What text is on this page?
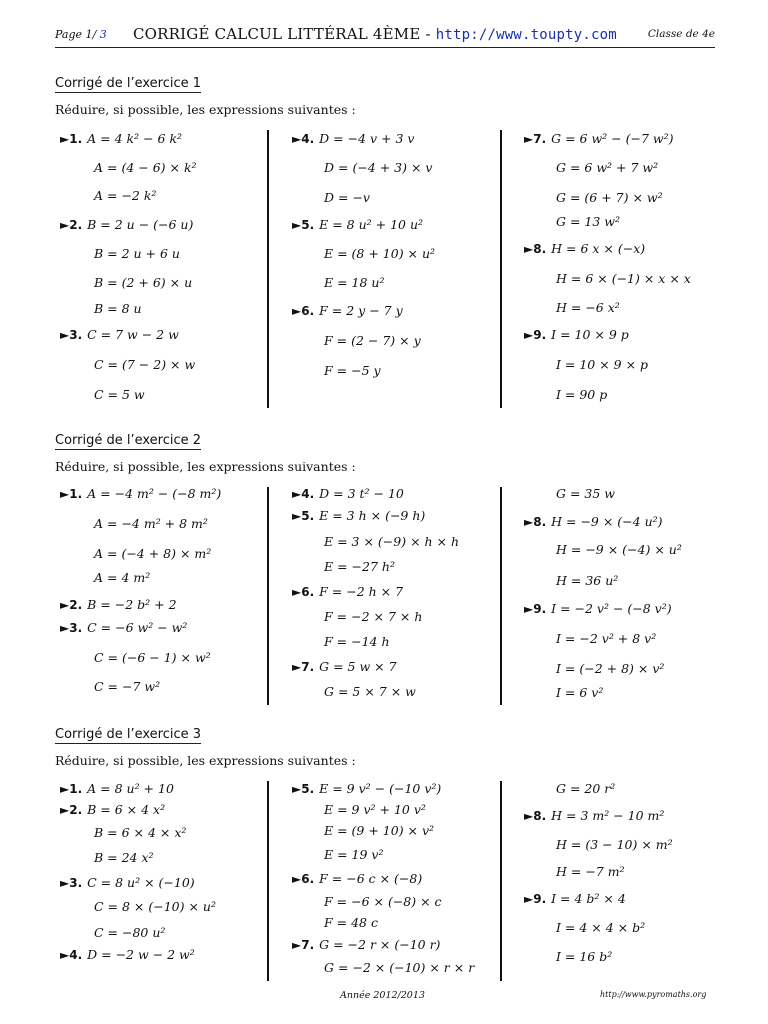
Page 1/ 3 CORRIGÉ CALCUL LITTÉRAL 4ÈME - http://www.toupty.com	Classe de 4e
Corrigé de l’exercice 1
Réduire, si possible, les expressions suivantes :
►1. A = 4 k² − 6 k²
A = (4 − 6) × k²
A = −2 k²
►2. B = 2 u − (−6 u)
B = 2 u + 6 u
B = (2 + 6) × u
B = 8 u
►3. C = 7 w − 2 w
C = (7 − 2) × w
C = 5 w
►4. D = −4 v + 3 v
D = (−4 + 3) × v
D = −v
►5. E = 8 u² + 10 u²
E = (8 + 10) × u²
E = 18 u²
►6. F = 2 y − 7 y
F = (2 − 7) × y
F = −5 y
►7. G = 6 w² − (−7 w²)
G = 6 w² + 7 w²
G = (6 + 7) × w²
G = 13 w²
►8. H = 6 x × (−x)
H = 6 × (−1) × x × x
H = −6 x²
►9. I = 10 × 9 p
I = 10 × 9 × p
I = 90 p
Corrigé de l’exercice 2
Réduire, si possible, les expressions suivantes :
►1. A = −4 m² − (−8 m²)
A = −4 m² + 8 m²
A = (−4 + 8) × m²
A = 4 m²
►2. B = −2 b² + 2
►3. C = −6 w² − w²
C = (−6 − 1) × w²
C = −7 w²
►4. D = 3 t² − 10
►5. E = 3 h × (−9 h)
E = 3 × (−9) × h × h
E = −27 h²
►6. F = −2 h × 7
F = −2 × 7 × h
F = −14 h
►7. G = 5 w × 7
G = 5 × 7 × w
G = 35 w
►8. H = −9 × (−4 u²)
H = −9 × (−4) × u²
H = 36 u²
►9. I = −2 v² − (−8 v²)
I = −2 v² + 8 v²
I = (−2 + 8) × v²
I = 6 v²
Corrigé de l’exercice 3
Réduire, si possible, les expressions suivantes :
►1. A = 8 u² + 10
►2. B = 6 × 4 x²
B = 6 × 4 × x²
B = 24 x²
►3. C = 8 u² × (−10)
C = 8 × (−10) × u²
C = −80 u²
►4. D = −2 w − 2 w²
►5. E = 9 v² − (−10 v²)
E = 9 v² + 10 v²
E = (9 + 10) × v²
E = 19 v²
►6. F = −6 c × (−8)
F = −6 × (−8) × c
F = 48 c
►7. G = −2 r × (−10 r)
G = −2 × (−10) × r × r
G = 20 r²
►8. H = 3 m² − 10 m²
H = (3 − 10) × m²
H = −7 m²
►9. I = 4 b² × 4
I = 4 × 4 × b²
I = 16 b²
Année 2012/2013	http://www.pyromaths.org
